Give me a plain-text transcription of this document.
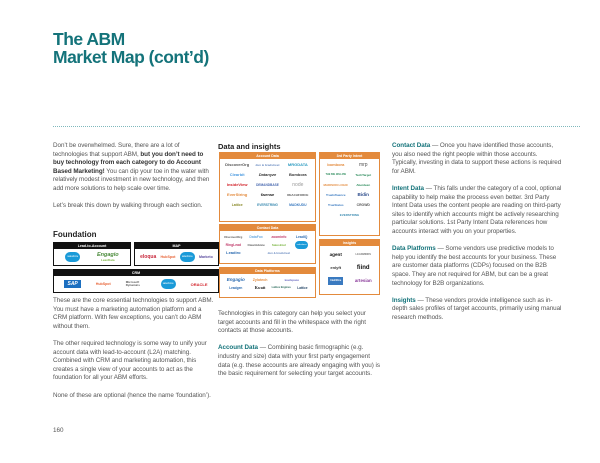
The ABM
Market Map (cont’d)

Don’t be overwhelmed. Sure, there are a lot of technologies that support ABM, but you don’t need to buy technology from each category to do Account Based Marketing! You can dip your toe in the water with relatively modest investment in new technology, and then add more solutions to help scale over time.

Let’s break this down by walking through each section.

Foundation
Lead-to-Account
salesforce	Engagio
LeanData
MAP
eloqua HubSpot	salesforce	Marketo
CRM
SAP	HubSpot
Microsoft Dynamics	salesforce	ORACLE

These are the core essential technologies to support ABM. You must have a marketing automation platform and a CRM platform. With few exceptions, you can’t do ABM without them.

The other required technology is some way to unify your account data with lead-to-account (L2A) matching. Combined with CRM and marketing automation, this creates a single view of your accounts to act as the foundation for all your ABM efforts.

None of these are optional (hence the name ‘foundation’).

160
Data and insights
Account Data
DiscoverOrg dun & bradstreet MRGDATA
Clearbit	Datanyze	Bombora
InsideView	DEMANDBASE	node
EverString	6sense	REACHFORCE
Lattice	EVERSTRING	MADKUDU
3rd Party Intent
bombora	mrp
THE BIG WILLOW	TechTarget
MADISON LOGIC	Aberdeen
TrueInfluence	Bidin
TrueStatus	CROWD
EVERSTRING
Contact Data
DiscoverOrg DataFox	zoominfo	LeadIQ
RingLead ClearAdvice SalesIntel	salesforce
Leadiro	dun & bradstreet
Insights
agent	LEADMINDS
enlyft	fiind
IntelliOne	artesian
Data Platforms
Engagio Zylotech	leadspace
Leadgen	Kwatt Lattice Engines Lattice

Technologies in this category can help you select your target accounts and fill in the whitespace with the right contacts at those accounts.

Account Data — Combining basic firmographic (e.g. industry and size) data with your first party engagement data (e.g. these accounts are already engaging with you) is the basic requirement for selecting your target accounts.

Contact Data — Once you have identified those accounts, you also need the right people within those accounts. Typically, investing in data to support these actions is required for ABM.

Intent Data — This falls under the category of a cool, optional capability to help make the process even better. 3rd Party Intent Data uses the content people are reading on third-party sites to identify which accounts might be actively researching particular solutions. 1st Party Intent Data references how accounts interact with you on your properties.

Data Platforms — Some vendors use predictive models to help you identify the best accounts for your business. These are customer data platforms (CDPs) focused on the B2B space. They are not required for ABM, but can be a great technology for B2B organizations.

Insights — These vendors provide intelligence such as in-depth sales profiles of target accounts, primarily using manual research methods.
